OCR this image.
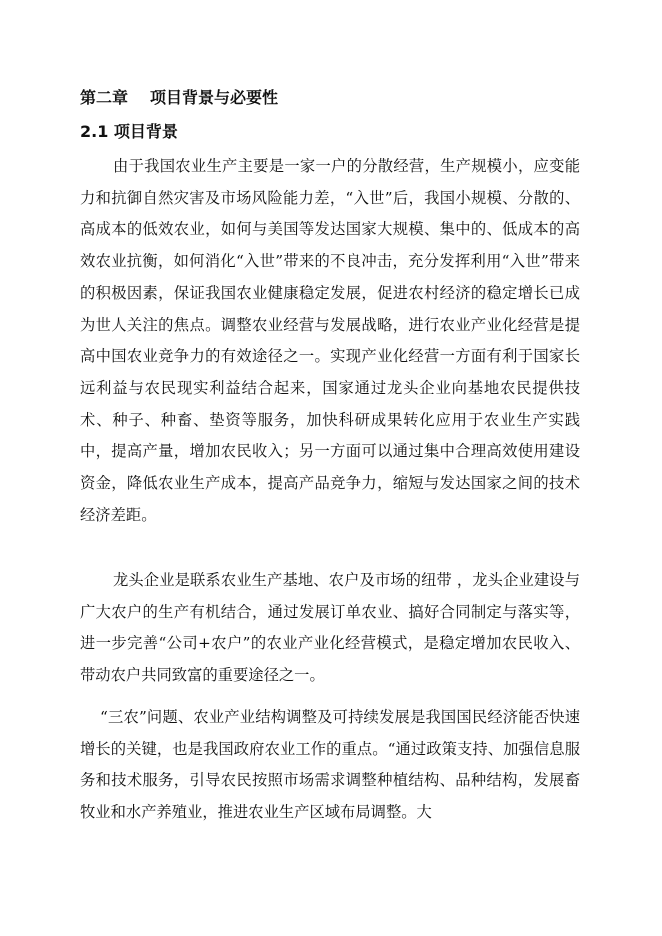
第二章 项目背景与必要性
2.1 项目背景

由于我国农业生产主要是一家一户的分散经营，生产规模小，应变能力和抗御自然灾害及市场风险能力差，“入世”后，我国小规模、分散的、高成本的低效农业，如何与美国等发达国家大规模、集中的、低成本的高效农业抗衡，如何消化“入世”带来的不良冲击，充分发挥利用“入世”带来的积极因素，保证我国农业健康稳定发展，促进农村经济的稳定增长已成为世人关注的焦点。调整农业经营与发展战略，进行农业产业化经营是提高中国农业竞争力的有效途径之一。实现产业化经营一方面有利于国家长远利益与农民现实利益结合起来，国家通过龙头企业向基地农民提供技术、种子、种畜、垫资等服务，加快科研成果转化应用于农业生产实践中，提高产量，增加农民收入；另一方面可以通过集中合理高效使用建设资金，降低农业生产成本，提高产品竞争力，缩短与发达国家之间的技术经济差距。

龙头企业是联系农业生产基地、农户及市场的纽带 ，龙头企业建设与广大农户的生产有机结合，通过发展订单农业、搞好合同制定与落实等，进一步完善“公司+农户”的农业产业化经营模式，是稳定增加农民收入、带动农户共同致富的重要途径之一。

“三农”问题、农业产业结构调整及可持续发展是我国国民经济能否快速增长的关键，也是我国政府农业工作的重点。“通过政策支持、加强信息服务和技术服务，引导农民按照市场需求调整种植结构、品种结构，发展畜牧业和水产养殖业，推进农业生产区域布局调整。大
